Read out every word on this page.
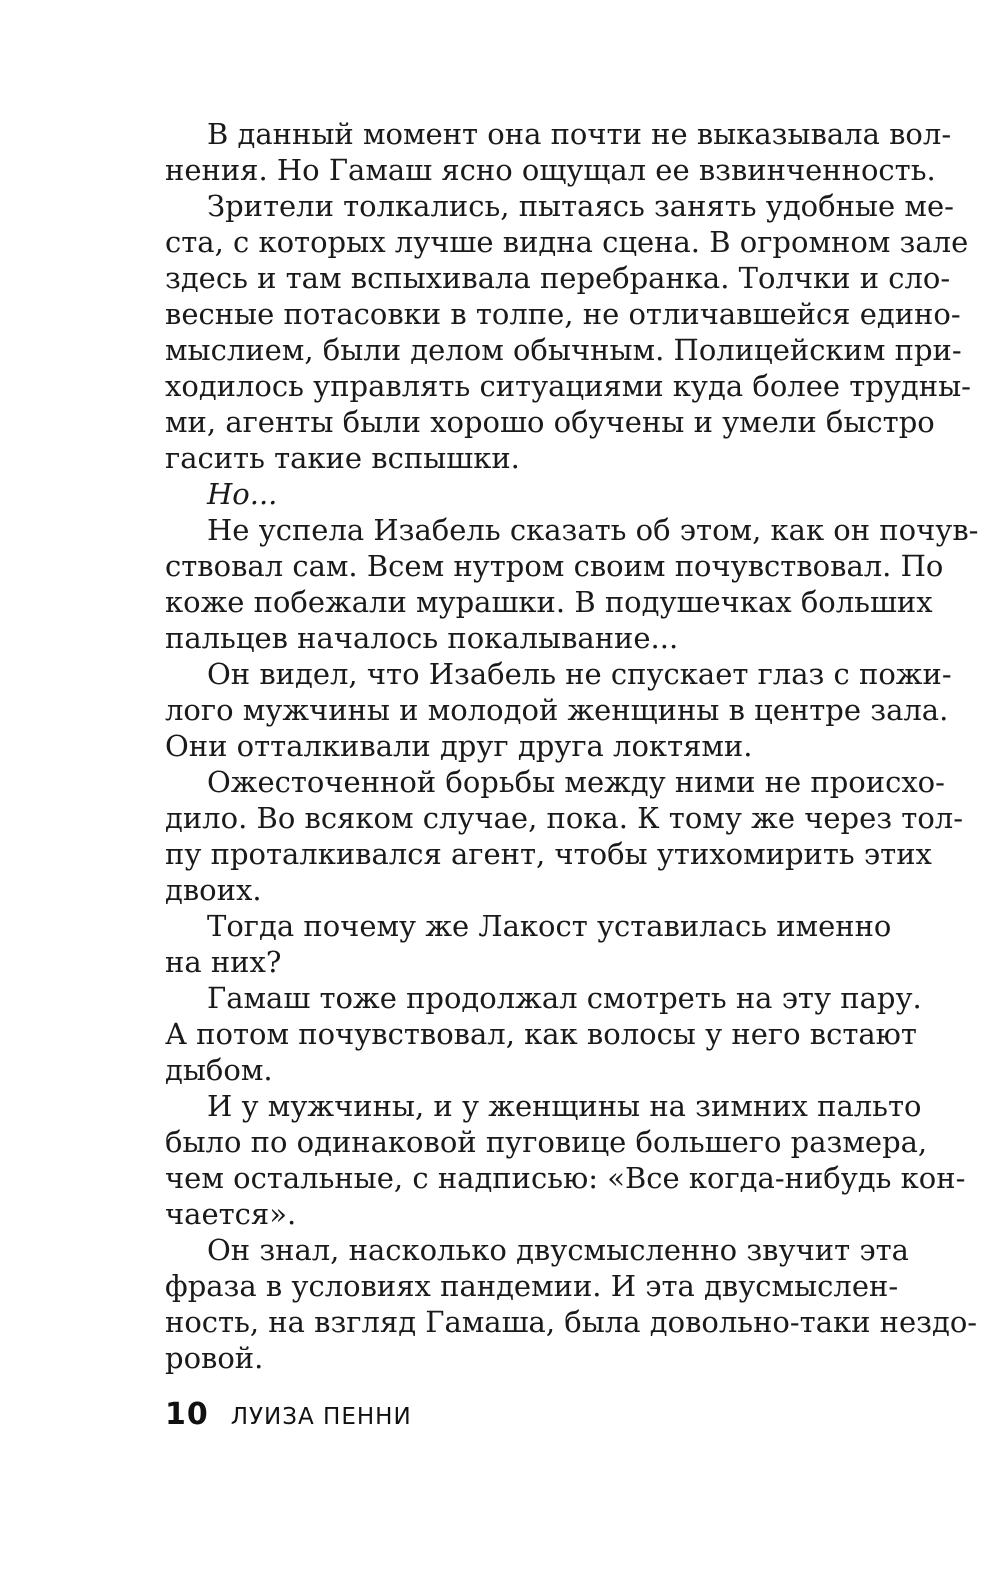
В данный момент она почти не выказывала вол-
нения. Но Гамаш ясно ощущал ее взвинченность.
Зрители толкались, пытаясь занять удобные ме-
ста, с которых лучше видна сцена. В огромном зале
здесь и там вспыхивала перебранка. Толчки и сло-
весные потасовки в толпе, не отличавшейся едино-
мыслием, были делом обычным. Полицейским при-
ходилось управлять ситуациями куда более трудны-
ми, агенты были хорошо обучены и умели быстро
гасить такие вспышки.
Но...
Не успела Изабель сказать об этом, как он почув-
ствовал сам. Всем нутром своим почувствовал. По
коже побежали мурашки. В подушечках больших
пальцев началось покалывание...
Он видел, что Изабель не спускает глаз с пожи-
лого мужчины и молодой женщины в центре зала.
Они отталкивали друг друга локтями.
Ожесточенной борьбы между ними не происхо-
дило. Во всяком случае, пока. К тому же через тол-
пу проталкивался агент, чтобы утихомирить этих
двоих.
Тогда почему же Лакост уставилась именно
на них?
Гамаш тоже продолжал смотреть на эту пару.
А потом почувствовал, как волосы у него встают
дыбом.
И у мужчины, и у женщины на зимних пальто
было по одинаковой пуговице большего размера,
чем остальные, с надписью: «Все когда-нибудь кон-
чается».
Он знал, насколько двусмысленно звучит эта
фраза в условиях пандемии. И эта двусмыслен-
ность, на взгляд Гамаша, была довольно-таки нездо-
ровой.
10 ЛУИЗА ПЕННИ
